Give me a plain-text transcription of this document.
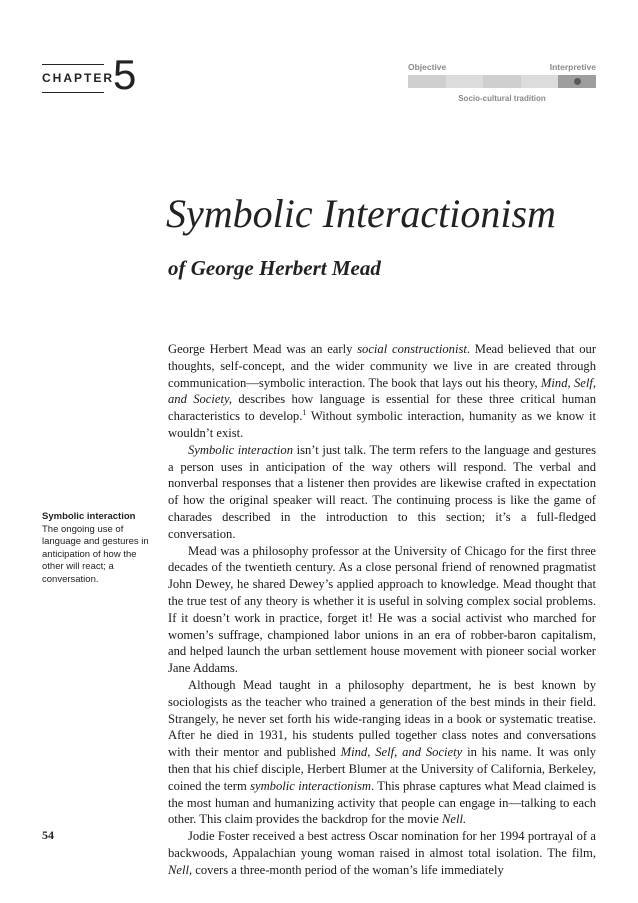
CHAPTER
5	Objective	Interpretive
Socio-cultural tradition
Symbolic Interactionism
of George Herbert Mead
Symbolic interaction
The ongoing use of language and gestures in anticipation of how the other will react; a conversation.

George Herbert Mead was an early social constructionist. Mead believed that our thoughts, self-concept, and the wider community we live in are created through communication—symbolic interaction. The book that lays out his theory, Mind, Self, and Society, describes how language is essential for these three critical human characteristics to develop.$^1$ Without symbolic interaction, humanity as we know it wouldn’t exist.

Symbolic interaction isn’t just talk. The term refers to the language and gestures a person uses in anticipation of the way others will respond. The verbal and nonverbal responses that a listener then provides are likewise crafted in expectation of how the original speaker will react. The continuing process is like the game of charades described in the introduction to this section; it’s a full-fledged conversation.

Mead was a philosophy professor at the University of Chicago for the first three decades of the twentieth century. As a close personal friend of renowned pragmatist John Dewey, he shared Dewey’s applied approach to knowledge. Mead thought that the true test of any theory is whether it is useful in solving complex social problems. If it doesn’t work in practice, forget it! He was a social activist who marched for women’s suffrage, championed labor unions in an era of robber-baron capitalism, and helped launch the urban settlement house movement with pioneer social worker Jane Addams.

Although Mead taught in a philosophy department, he is best known by sociologists as the teacher who trained a generation of the best minds in their field. Strangely, he never set forth his wide-ranging ideas in a book or systematic treatise. After he died in 1931, his students pulled together class notes and conversations with their mentor and published Mind, Self, and Society in his name. It was only then that his chief disciple, Herbert Blumer at the University of California, Berkeley, coined the term symbolic interactionism. This phrase captures what Mead claimed is the most human and humanizing activity that people can engage in—talking to each other. This claim provides the backdrop for the movie Nell.

Jodie Foster received a best actress Oscar nomination for her 1994 portrayal of a backwoods, Appalachian young woman raised in almost total isolation. The film, Nell, covers a three-month period of the woman’s life immediately

54
